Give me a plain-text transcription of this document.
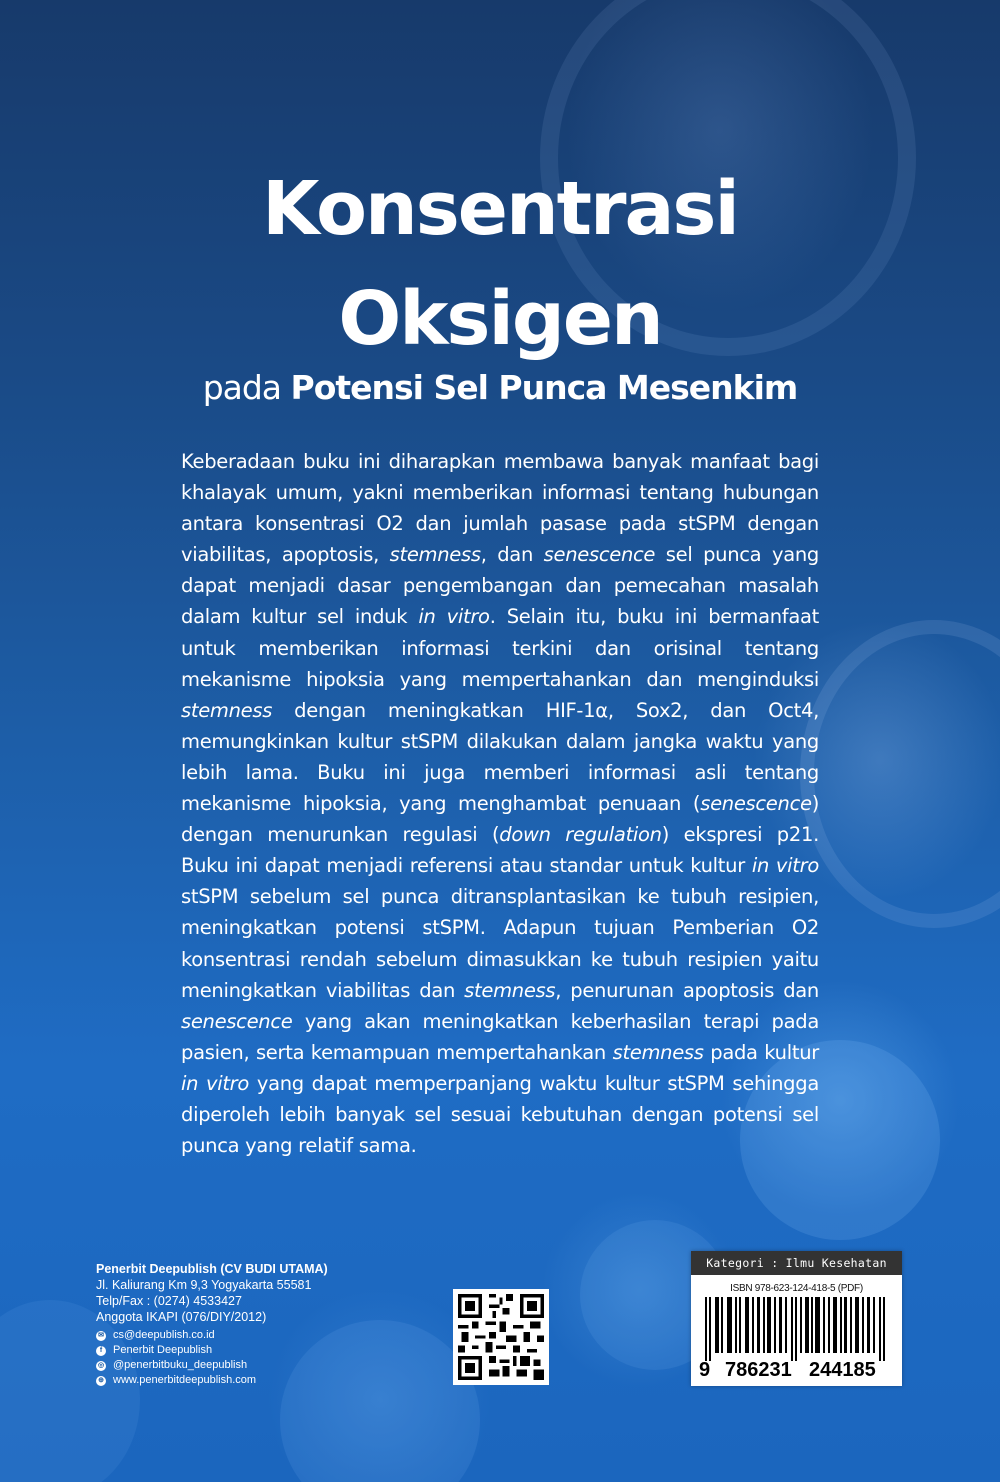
Konsentrasi
Oksigen
pada Potensi Sel Punca Mesenkim

Keberadaan buku ini diharapkan membawa banyak manfaat bagi khalayak umum, yakni memberikan informasi tentang hubungan antara konsentrasi O2 dan jumlah pasase pada stSPM dengan viabilitas, apoptosis, stemness, dan senescence sel punca yang dapat menjadi dasar pengembangan dan pemecahan masalah dalam kultur sel induk in vitro. Selain itu, buku ini bermanfaat untuk memberikan informasi terkini dan orisinal tentang mekanisme hipoksia yang mempertahankan dan menginduksi stemness dengan meningkatkan HIF-1α, Sox2, dan Oct4, memungkinkan kultur stSPM dilakukan dalam jangka waktu yang lebih lama. Buku ini juga memberi informasi asli tentang mekanisme hipoksia, yang menghambat penuaan (senescence) dengan menurunkan regulasi (down regulation) ekspresi p21. Buku ini dapat menjadi referensi atau standar untuk kultur in vitro stSPM sebelum sel punca ditransplantasikan ke tubuh resipien, meningkatkan potensi stSPM. Adapun tujuan Pemberian O2 konsentrasi rendah sebelum dimasukkan ke tubuh resipien yaitu meningkatkan viabilitas dan stemness, penurunan apoptosis dan senescence yang akan meningkatkan keberhasilan terapi pada pasien, serta kemampuan mempertahankan stemness pada kultur in vitro yang dapat memperpanjang waktu kultur stSPM sehingga diperoleh lebih banyak sel sesuai kebutuhan dengan potensi sel punca yang relatif sama.

Penerbit Deepublish (CV BUDI UTAMA)
Jl. Kaliurang Km 9,3 Yogyakarta 55581
Telp/Fax : (0274) 4533427
Anggota IKAPI (076/DIY/2012)
✉ cs@deepublish.co.id
f Penerbit Deepublish
◎ @penerbitbuku_deepublish
⊕ www.penerbitdeepublish.com
Kategori : Ilmu Kesehatan
ISBN 978-623-124-418-5 (PDF)
9 786231 244185
